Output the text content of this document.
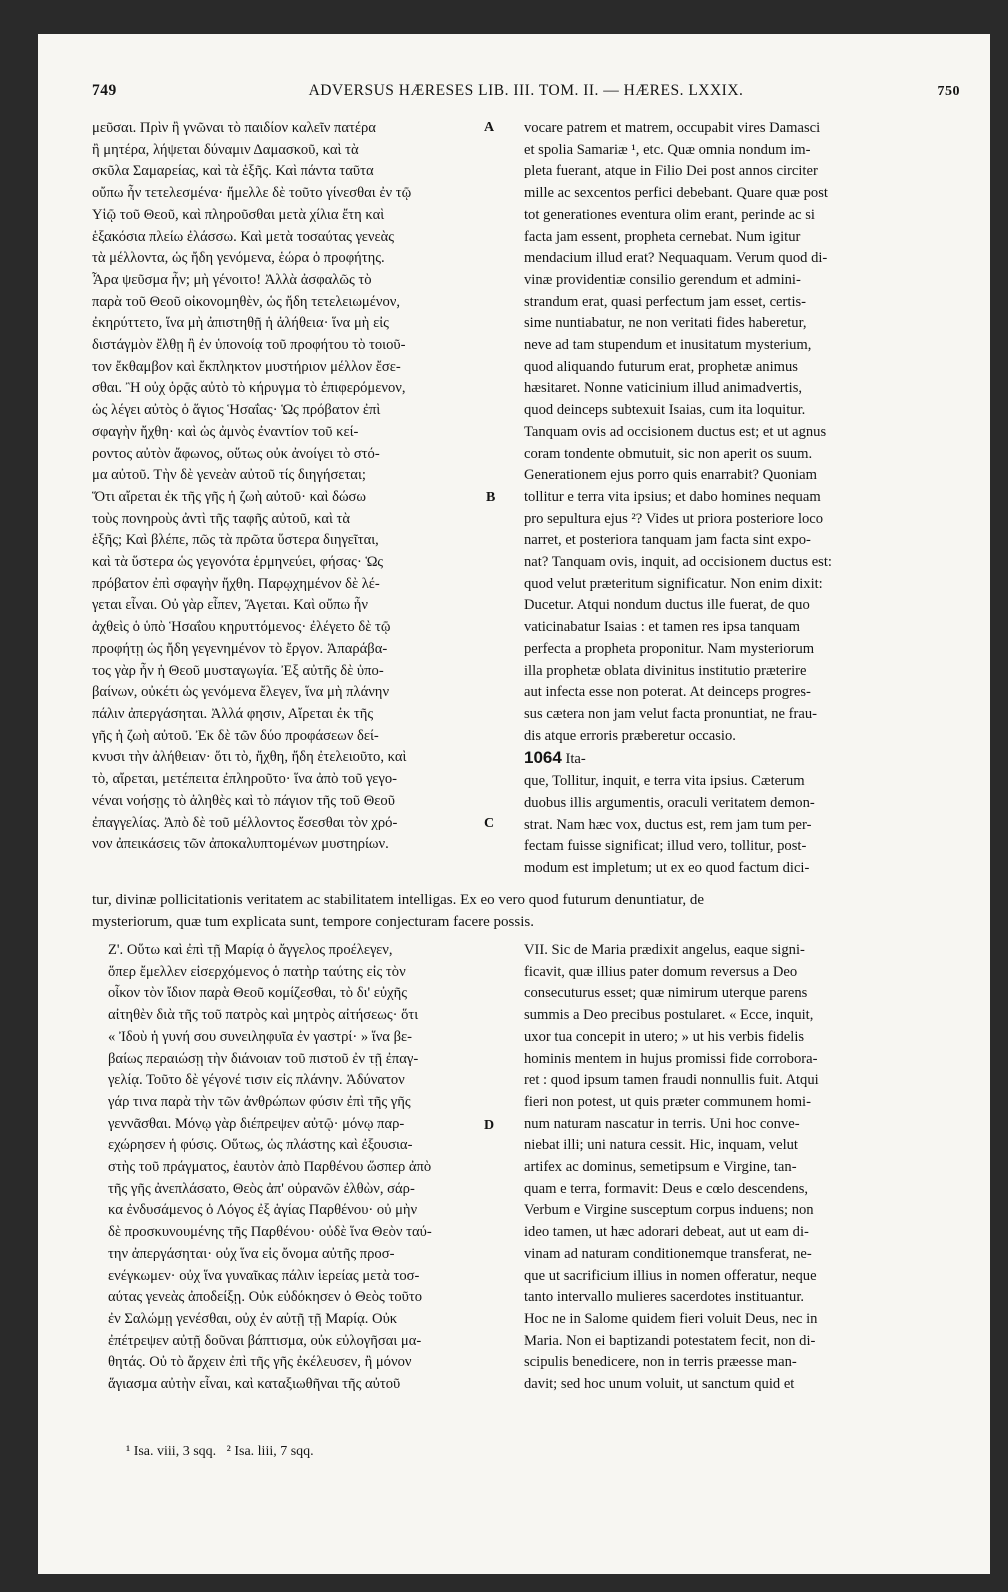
749	ADVERSUS HÆRESES LIB. III. TOM. II. — HÆRES. LXXIX.	750

μεῦσαι. Πρὶν ἢ γνῶναι τὸ παιδίον καλεῖν πατέρα

ἢ μητέρα, λήψεται δύναμιν Δαμασκοῦ, καὶ τὰ

σκῦλα Σαμαρείας, καὶ τὰ ἑξῆς. Καὶ πάντα ταῦτα

οὔπω ἦν τετελεσμένα· ἤμελλε δὲ τοῦτο γίνεσθαι ἐν τῷ

Υἱῷ τοῦ Θεοῦ, καὶ πληροῦσθαι μετὰ χίλια ἔτη καὶ

ἑξακόσια πλείω ἐλάσσω. Καὶ μετὰ τοσαύτας γενεὰς

τὰ μέλλοντα, ὡς ἤδη γενόμενα, ἑώρα ὁ προφήτης.

Ἆρα ψεῦσμα ἦν; μὴ γένοιτο! Ἀλλὰ ἀσφαλῶς τὸ

παρὰ τοῦ Θεοῦ οἰκονομηθὲν, ὡς ἤδη τετελειωμένον,

ἐκηρύττετο, ἵνα μὴ ἀπιστηθῇ ἡ ἀλήθεια· ἵνα μὴ εἰς

διστάγμὸν ἔλθῃ ἢ ἐν ὑπονοίᾳ τοῦ προφήτου τὸ τοιοῦ-

τον ἔκθαμβον καὶ ἔκπληκτον μυστήριον μέλλον ἔσε-

σθαι. Ἢ οὐχ ὁρᾷς αὐτὸ τὸ κήρυγμα τὸ ἐπιφερόμενον,

ὡς λέγει αὐτὸς ὁ ἅγιος Ἡσαΐας· Ὡς πρόβατον ἐπὶ

σφαγὴν ἤχθη· καὶ ὡς ἀμνὸς ἐναντίον τοῦ κεί-

ροντος αὐτὸν ἄφωνος, οὕτως οὐκ ἀνοίγει τὸ στό-

μα αὐτοῦ. Τὴν δὲ γενεὰν αὐτοῦ τίς διηγήσεται;

Ὅτι αἴρεται ἐκ τῆς γῆς ἡ ζωὴ αὐτοῦ· καὶ δώσω

τοὺς πονηροὺς ἀντὶ τῆς ταφῆς αὐτοῦ, καὶ τὰ

ἑξῆς; Καὶ βλέπε, πῶς τὰ πρῶτα ὕστερα διηγεῖται,

καὶ τὰ ὕστερα ὡς γεγονότα ἑρμηνεύει, φήσας· Ὡς

πρόβατον ἐπὶ σφαγὴν ἤχθη. Παρῳχημένον δὲ λέ-

γεται εἶναι. Οὐ γὰρ εἶπεν, Ἄγεται. Καὶ οὔπω ἦν

ἀχθεὶς ὁ ὑπὸ Ἡσαΐου κηρυττόμενος· ἐλέγετο δὲ τῷ

προφήτῃ ὡς ἤδη γεγενημένον τὸ ἔργον. Ἀπαράβα-

τος γὰρ ἦν ἡ Θεοῦ μυσταγωγία. Ἐξ αὐτῆς δὲ ὑπο-

βαίνων, οὐκέτι ὡς γενόμενα ἔλεγεν, ἵνα μὴ πλάνην

πάλιν ἀπεργάσηται. Ἀλλά φησιν, Αἴρεται ἐκ τῆς

γῆς ἡ ζωὴ αὐτοῦ. Ἐκ δὲ τῶν δύο προφάσεων δεί-

κνυσι τὴν ἀλήθειαν· ὅτι τὸ, ἤχθη, ἤδη ἐτελειοῦτο, καὶ

τὸ, αἴρεται, μετέπειτα ἐπληροῦτο· ἵνα ἀπὸ τοῦ γεγο-

νέναι νοήσῃς τὸ ἀληθὲς καὶ τὸ πάγιον τῆς τοῦ Θεοῦ

ἐπαγγελίας. Ἀπὸ δὲ τοῦ μέλλοντος ἔσεσθαι τὸν χρό-

νον ἀπεικάσεις τῶν ἀποκαλυπτομένων μυστηρίων.

vocare patrem et matrem, occupabit vires Damasci

et spolia Samariæ ¹, etc. Quæ omnia nondum im-

pleta fuerant, atque in Filio Dei post annos circiter

mille ac sexcentos perfici debebant. Quare quæ post

tot generationes eventura olim erant, perinde ac si

facta jam essent, propheta cernebat. Num igitur

mendacium illud erat? Nequaquam. Verum quod di-

vinæ providentiæ consilio gerendum et admini-

strandum erat, quasi perfectum jam esset, certis-

sime nuntiabatur, ne non veritati fides haberetur,

neve ad tam stupendum et inusitatum mysterium,

quod aliquando futurum erat, prophetæ animus

hæsitaret. Nonne vaticinium illud animadvertis,

quod deinceps subtexuit Isaias, cum ita loquitur.

Tanquam ovis ad occisionem ductus est; et ut agnus

coram tondente obmutuit, sic non aperit os suum.

Generationem ejus porro quis enarrabit? Quoniam

tollitur e terra vita ipsius; et dabo homines nequam

pro sepultura ejus ²? Vides ut priora posteriore loco

narret, et posteriora tanquam jam facta sint expo-

nat? Tanquam ovis, inquit, ad occisionem ductus est:

quod velut præteritum significatur. Non enim dixit:

Ducetur. Atqui nondum ductus ille fuerat, de quo

vaticinabatur Isaias : et tamen res ipsa tanquam

perfecta a propheta proponitur. Nam mysteriorum

illa prophetæ oblata divinitus institutio præterire

aut infecta esse non poterat. At deinceps progres-

sus cætera non jam velut facta pronuntiat, ne frau-

dis atque erroris præberetur occasio.

1064 Ita-

que, Tollitur, inquit, e terra vita ipsius. Cæterum

duobus illis argumentis, oraculi veritatem demon-

strat. Nam hæc vox, ductus est, rem jam tum per-

fectam fuisse significat; illud vero, tollitur, post-

modum est impletum; ut ex eo quod factum dici-

tur, divinæ pollicitationis veritatem ac stabilitatem intelligas. Ex eo vero quod futurum denuntiatur, de

mysteriorum, quæ tum explicata sunt, tempore conjecturam facere possis.

Ζ'. Οὕτω καὶ ἐπὶ τῇ Μαρίᾳ ὁ ἄγγελος προέλεγεν,

ὅπερ ἔμελλεν εἰσερχόμενος ὁ πατὴρ ταύτης εἰς τὸν

οἶκον τὸν ἴδιον παρὰ Θεοῦ κομίζεσθαι, τὸ δι' εὐχῆς

αἰτηθὲν διὰ τῆς τοῦ πατρὸς καὶ μητρὸς αἰτήσεως· ὅτι

« Ἰδοὺ ἡ γυνή σου συνειληφυῖα ἐν γαστρί· » ἵνα βε-

βαίως περαιώσῃ τὴν διάνοιαν τοῦ πιστοῦ ἐν τῇ ἐπαγ-

γελίᾳ. Τοῦτο δὲ γέγονέ τισιν εἰς πλάνην. Ἀδύνατον

γάρ τινα παρὰ τὴν τῶν ἀνθρώπων φύσιν ἐπὶ τῆς γῆς

γεννᾶσθαι. Μόνῳ γὰρ διέπρεψεν αὐτῷ· μόνῳ παρ-

εχώρησεν ἡ φύσις. Οὕτως, ὡς πλάστης καὶ ἐξουσια-

στὴς τοῦ πράγματος, ἑαυτὸν ἀπὸ Παρθένου ὥσπερ ἀπὸ

τῆς γῆς ἀνεπλάσατο, Θεὸς ἀπ' οὐρανῶν ἐλθὼν, σάρ-

κα ἐνδυσάμενος ὁ Λόγος ἐξ ἁγίας Παρθένου· οὐ μὴν

δὲ προσκυνουμένης τῆς Παρθένου· οὐδὲ ἵνα Θεὸν ταύ-

την ἀπεργάσηται· οὐχ ἵνα εἰς ὄνομα αὐτῆς προσ-

ενέγκωμεν· οὐχ ἵνα γυναῖκας πάλιν ἱερείας μετὰ τοσ-

αύτας γενεὰς ἀποδείξῃ. Οὐκ εὐδόκησεν ὁ Θεὸς τοῦτο

ἐν Σαλώμῃ γενέσθαι, οὐχ ἐν αὐτῇ τῇ Μαρίᾳ. Οὐκ

ἐπέτρεψεν αὐτῇ δοῦναι βάπτισμα, οὐκ εὐλογῆσαι μα-

θητάς. Οὐ τὸ ἄρχειν ἐπὶ τῆς γῆς ἐκέλευσεν, ἢ μόνον

ἅγιασμα αὐτὴν εἶναι, καὶ καταξιωθῆναι τῆς αὐτοῦ

VII. Sic de Maria prædixit angelus, eaque signi-

ficavit, quæ illius pater domum reversus a Deo

consecuturus esset; quæ nimirum uterque parens

summis a Deo precibus postularet. « Ecce, inquit,

uxor tua concepit in utero; » ut his verbis fidelis

hominis mentem in hujus promissi fide corrobora-

ret : quod ipsum tamen fraudi nonnullis fuit. Atqui

fieri non potest, ut quis præter communem homi-

num naturam nascatur in terris. Uni hoc conve-

niebat illi; uni natura cessit. Hic, inquam, velut

artifex ac dominus, semetipsum e Virgine, tan-

quam e terra, formavit: Deus e cœlo descendens,

Verbum e Virgine susceptum corpus induens; non

ideo tamen, ut hæc adorari debeat, aut ut eam di-

vinam ad naturam conditionemque transferat, ne-

que ut sacrificium illius in nomen offeratur, neque

tanto intervallo mulieres sacerdotes instituantur.

Hoc ne in Salome quidem fieri voluit Deus, nec in

Maria. Non ei baptizandi potestatem fecit, non di-

scipulis benedicere, non in terris præesse man-

davit; sed hoc unum voluit, ut sanctum quid et

A
B
C
D
¹ Isa. viii, 3 sqq.   ² Isa. liii, 7 sqq.
